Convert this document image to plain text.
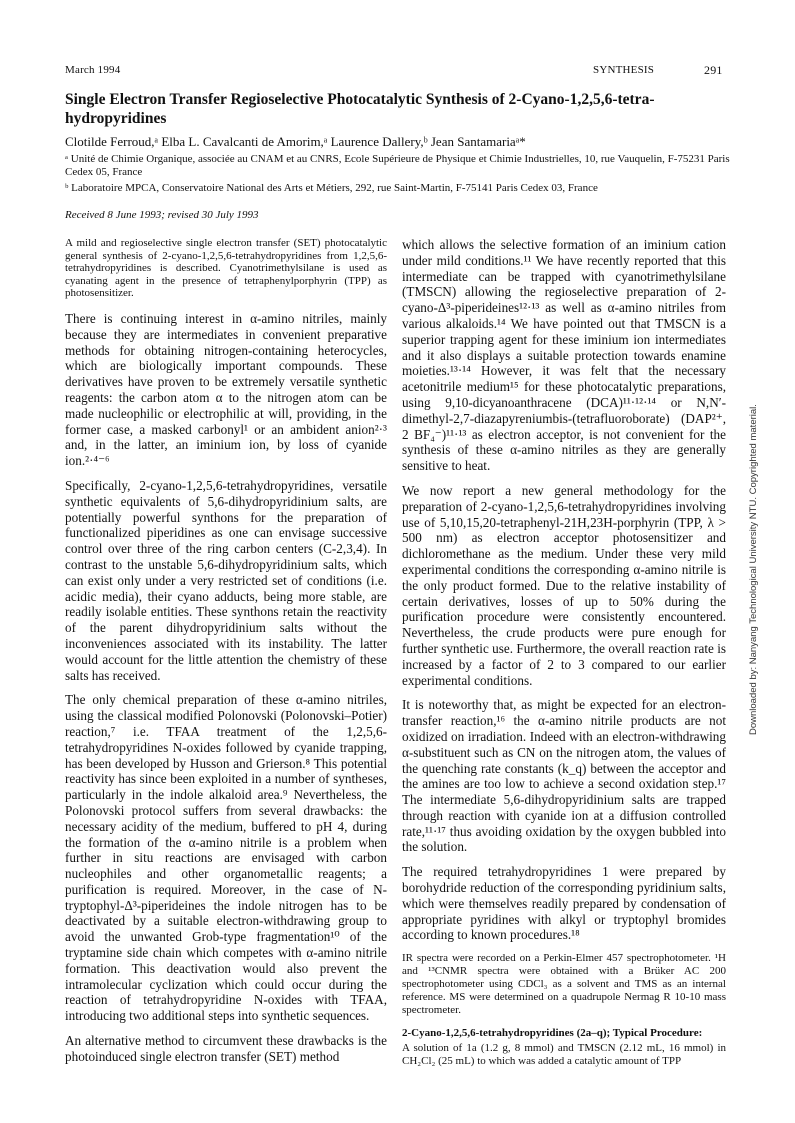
March 1994	SYNTHESIS	291
Single Electron Transfer Regioselective Photocatalytic Synthesis of 2-Cyano-1,2,5,6-tetra-hydropyridines
Clotilde Ferroud,ᵃ Elba L. Cavalcanti de Amorim,ᵃ Laurence Dallery,ᵇ Jean Santamariaᵃ*
ᵃ Unité de Chimie Organique, associée au CNAM et au CNRS, Ecole Supérieure de Physique et Chimie Industrielles, 10, rue Vauquelin, F-75231 Paris Cedex 05, France
ᵇ Laboratoire MPCA, Conservatoire National des Arts et Métiers, 292, rue Saint-Martin, F-75141 Paris Cedex 03, France
Received 8 June 1993; revised 30 July 1993
A mild and regioselective single electron transfer (SET) photocatalytic general synthesis of 2-cyano-1,2,5,6-tetrahydropyridines from 1,2,5,6-tetrahydropyridines is described. Cyanotrimethylsilane is used as cyanating agent in the presence of tetraphenylporphyrin (TPP) as photosensitizer.

There is continuing interest in α-amino nitriles, mainly because they are intermediates in convenient preparative methods for obtaining nitrogen-containing heterocycles, which are biologically important compounds. These derivatives have proven to be extremely versatile synthetic reagents: the carbon atom α to the nitrogen atom can be made nucleophilic or electrophilic at will, providing, in the former case, a masked carbonyl¹ or an ambident anion²·³ and, in the latter, an iminium ion, by loss of cyanide ion.²·⁴⁻⁶

Specifically, 2-cyano-1,2,5,6-tetrahydropyridines, versatile synthetic equivalents of 5,6-dihydropyridinium salts, are potentially powerful synthons for the preparation of functionalized piperidines as one can envisage successive control over three of the ring carbon centers (C-2,3,4). In contrast to the unstable 5,6-dihydropyridinium salts, which can exist only under a very restricted set of conditions (i.e. acidic media), their cyano adducts, being more stable, are readily isolable entities. These synthons retain the reactivity of the parent dihydropyridinium salts without the inconveniences associated with its instability. The latter would account for the little attention the chemistry of these salts has received.

The only chemical preparation of these α-amino nitriles, using the classical modified Polonovski (Polonovski–Potier) reaction,⁷ i.e. TFAA treatment of the 1,2,5,6-tetrahydropyridines N-oxides followed by cyanide trapping, has been developed by Husson and Grierson.⁸ This potential reactivity has since been exploited in a number of syntheses, particularly in the indole alkaloid area.⁹ Nevertheless, the Polonovski protocol suffers from several drawbacks: the necessary acidity of the medium, buffered to pH 4, during the formation of the α-amino nitrile is a problem when further in situ reactions are envisaged with carbon nucleophiles and other organometallic reagents; a purification is required. Moreover, in the case of N-tryptophyl-Δ³-piperideines the indole nitrogen has to be deactivated by a suitable electron-withdrawing group to avoid the unwanted Grob-type fragmentation¹⁰ of the tryptamine side chain which competes with α-amino nitrile formation. This deactivation would also prevent the intramolecular cyclization which could occur during the reaction of tetrahydropyridine N-oxides with TFAA, introducing two additional steps into synthetic sequences.

An alternative method to circumvent these drawbacks is the photoinduced single electron transfer (SET) method

which allows the selective formation of an iminium cation under mild conditions.¹¹ We have recently reported that this intermediate can be trapped with cyanotrimethylsilane (TMSCN) allowing the regioselective preparation of 2-cyano-Δ³-piperideines¹²·¹³ as well as α-amino nitriles from various alkaloids.¹⁴ We have pointed out that TMSCN is a superior trapping agent for these iminium ion intermediates and it also displays a suitable protection towards enamine moieties.¹³·¹⁴ However, it was felt that the necessary acetonitrile medium¹⁵ for these photocatalytic preparations, using 9,10-dicyanoanthracene (DCA)¹¹·¹²·¹⁴ or N,N′-dimethyl-2,7-diazapyreniumbis-(tetrafluoroborate) (DAP²⁺, 2 BF₄⁻)¹¹·¹³ as electron acceptor, is not convenient for the synthesis of these α-amino nitriles as they are generally sensitive to heat.

We now report a new general methodology for the preparation of 2-cyano-1,2,5,6-tetrahydropyridines involving use of 5,10,15,20-tetraphenyl-21H,23H-porphyrin (TPP, λ > 500 nm) as electron acceptor photosensitizer and dichloromethane as the medium. Under these very mild experimental conditions the corresponding α-amino nitrile is the only product formed. Due to the relative instability of certain derivatives, losses of up to 50% during the purification procedure were consistently encountered. Nevertheless, the crude products were pure enough for further synthetic use. Furthermore, the overall reaction rate is increased by a factor of 2 to 3 compared to our earlier experimental conditions.

It is noteworthy that, as might be expected for an electron-transfer reaction,¹⁶ the α-amino nitrile products are not oxidized on irradiation. Indeed with an electron-withdrawing α-substituent such as CN on the nitrogen atom, the values of the quenching rate constants (k_q) between the acceptor and the amines are too low to achieve a second oxidation step.¹⁷ The intermediate 5,6-dihydropyridinium salts are trapped through reaction with cyanide ion at a diffusion controlled rate,¹¹·¹⁷ thus avoiding oxidation by the oxygen bubbled into the solution.

The required tetrahydropyridines 1 were prepared by borohydride reduction of the corresponding pyridinium salts, which were themselves readily prepared by condensation of appropriate pyridines with alkyl or tryptophyl bromides according to known procedures.¹⁸

IR spectra were recorded on a Perkin-Elmer 457 spectrophotometer. ¹H and ¹³CNMR spectra were obtained with a Brüker AC 200 spectrophotometer using CDCl₃ as a solvent and TMS as an internal reference. MS were determined on a quadrupole Nermag R 10-10 mass spectrometer.

2-Cyano-1,2,5,6-tetrahydropyridines (2a–q); Typical Procedure:

A solution of 1a (1.2 g, 8 mmol) and TMSCN (2.12 mL, 16 mmol) in CH₂Cl₂ (25 mL) to which was added a catalytic amount of TPP

Downloaded by: Nanyang Technological University NTU. Copyrighted material.
